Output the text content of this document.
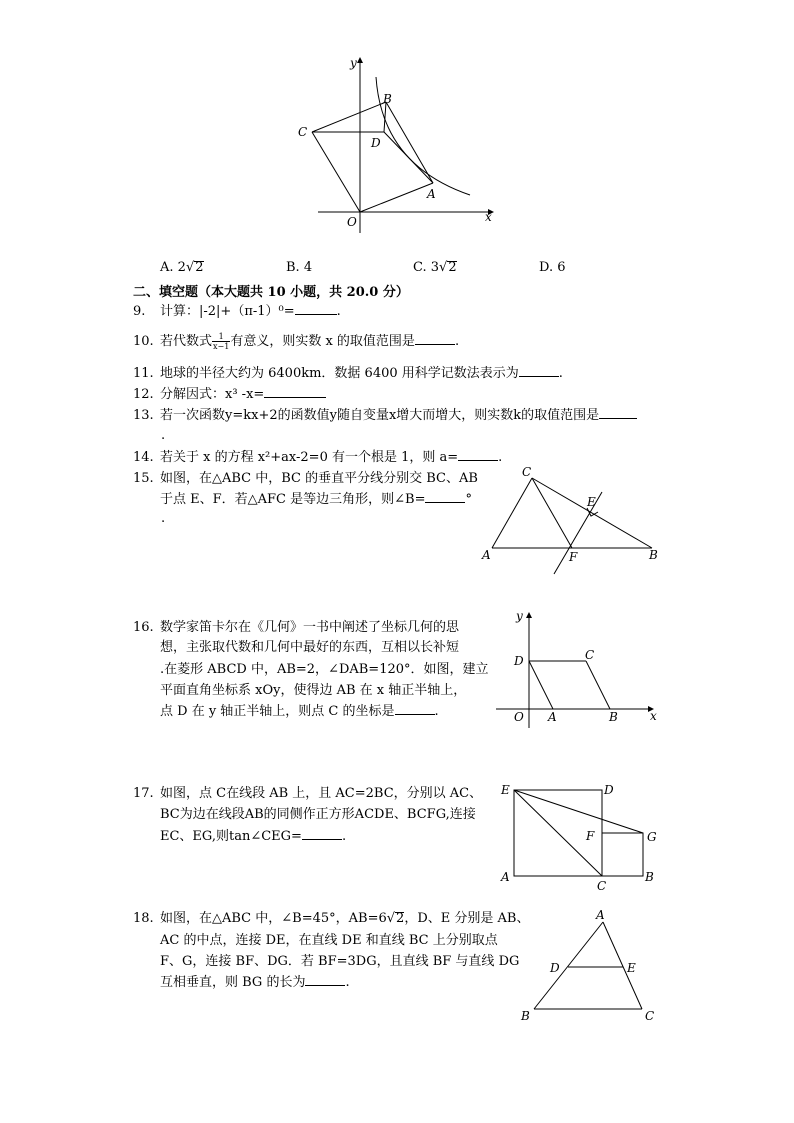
y
x
B
C
D
A
O
A. 2√2	B. 4	C. 3√2	D. 6
二、填空题（本大题共 10 小题，共 20.0 分）
9. 计算：|-2|+（π-1）⁰=	.
10. 若代数式 $\frac{1}{x-1}$ 有意义，则实数 x 的取值范围是	.
11. 地球的半径大约为 6400km．数据 6400 用科学记数法表示为	.
12. 分解因式：x³ -x=
13. 若一次函数y=kx+2的函数值y随自变量x增大而增大，则实数k的取值范围是
.
14. 若关于 x 的方程 x²+ax-2=0 有一个根是 1，则 a=	.
15. 如图，在△ABC 中，BC 的垂直平分线分别交 BC、AB
于点 E、F．若△AFC 是等边三角形，则∠B=	°
.
C
E
A	F	B
16. 数学家笛卡尔在《几何》一书中阐述了坐标几何的思
想，主张取代数和几何中最好的东西，互相以长补短
.在菱形 ABCD 中，AB=2，∠DAB=120°．如图，建立
平面直角坐标系 xOy，使得边 AB 在 x 轴正半轴上，
点 D 在 y 轴正半轴上，则点 C 的坐标是	.
y
x
D	C
O A	B
17. 如图，点 C在线段 AB 上，且 AC=2BC，分别以 AC、
BC为边在线段AB的同侧作正方形ACDE、BCFG,连接
EC、EG,则tan∠CEG=	.
E	D
F	G
A
C
B
18. 如图，在△ABC 中，∠B=45°，AB=6√2，D、E 分别是 AB、
AC 的中点，连接 DE，在直线 DE 和直线 BC 上分别取点
F、G，连接 BF、DG．若 BF=3DG，且直线 BF 与直线 DG
互相垂直，则 BG 的长为	.
A
D	E
B	C
